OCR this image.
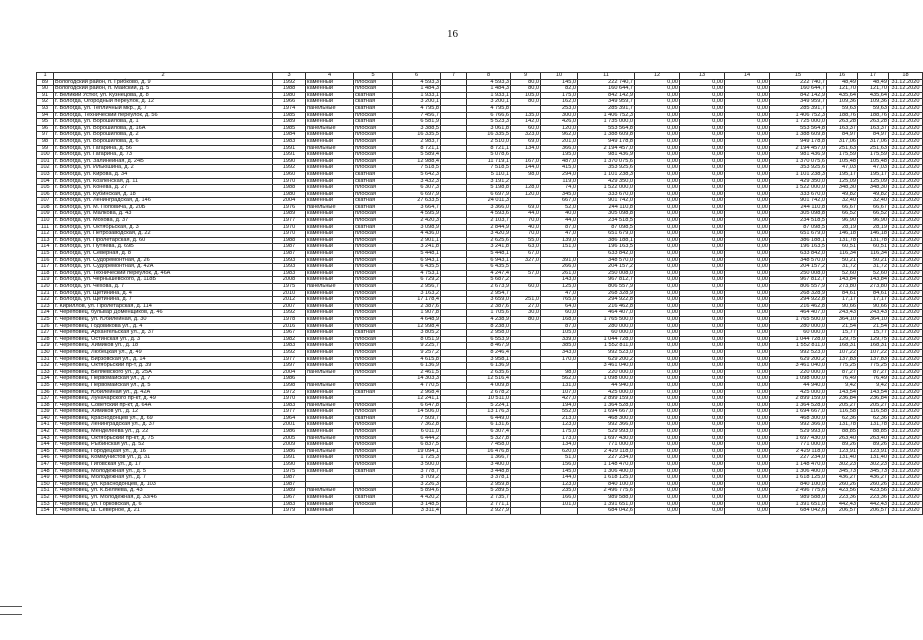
16
1	2	3	4	5	6	7	8	9	10	11	12	13	14	15	16	17	18
89	Вологодский район, п. Грибково, д. 9	1992	каменный	плоская	4 593,3		4 593,3	80,0	145,0	222 740,7	0,00	0,00	0,00	222 740,7	48,49	48,49	31.12.2020
90	Вологодский район, п. Майский, д. 5	1988	каменный	плоская	1 484,3		1 484,3	80,0	82,0	160 644,7	0,00	0,00	0,00	160 644,7	121,70	121,70	31.12.2020
91	г. Великий Устюг, ул. Кузнецова, д. 8	1980	каменный	скатная	1 933,1		1 933,1	105,0	175,0	842 142,9	0,00	0,00	0,00	842 142,9	435,64	435,64	31.12.2020
92	г. Вологда, Огородный переулок, д. 12	1966	каменный	скатная	3 200,1		3 200,1	80,0	162,0	349 959,7	0,00	0,00	0,00	349 959,7	109,36	109,36	31.12.2020
93	г. Вологда, ул. Тепличный мкр., д. 7	1974	панельные	скатная	4 795,8		4 795,8		253,0	285 391,7	0,00	0,00	0,00	285 391,7	59,63	59,63	31.12.2020
94	г. Вологда, Технический переулок, д. 56	1985	каменный	плоская	7 456,7		6 766,6	135,0	300,0	1 406 752,3	0,00	0,00	0,00	1 406 752,3	188,76	188,76	31.12.2020
95	г. Вологда, ул. Ворошилова, д. 1	1989	каменный	скатная	6 581,9		5 523,3	142,0	426,0	1 735 000,0	0,00	0,00	0,00	1 725 000,0	263,28	263,28	31.12.2020
96	г. Вологда, ул. Ворошилова, д. 16А	1985	панельные	плоская	3 388,5		3 061,8	60,0	120,0	553 564,8	0,00	0,00	0,00	553 564,8	163,37	163,37	31.12.2020
97	г. Вологда, ул. Ворошилова, д. 2	1984	каменный	плоская	16 335,5		16 335,5	323,0	962,0	1 388 609,8	0,00	0,00	0,00	1 388 609,8	84,97	84,97	31.12.2020
98	г. Вологда, ул. Ворошилова, д. 6	1983	каменный	плоская	2 983,7		2 510,0	69,0	201,0	949 178,8	0,00	0,00	0,00	949 178,8	317,06	317,06	31.12.2020
99	г. Вологда, ул. Гагарина, д. 56	1991	панельные	плоская	8 721,1		8 721,1	134,0	366,0	2 194 457,0	0,00	0,00	0,00	2 194 457,0	251,63	251,63	31.12.2020
100	г. Вологда, ул. Гагарина, д. 73	1991	каменный	плоская	5 589,4		5 078,6		195,0	981 436,9	0,00	0,00	0,00	981 436,9	175,59	175,59	31.12.2020
101	г. Вологда, ул. Залинейная, д. 24Б	1990	каменный	плоская	12 988,4		11 719,1	167,0	487,0	1 370 075,6	0,00	0,00	0,00	1 370 075,6	105,48	105,48	31.12.2020
102	г. Вологда, ул. Ильюшина, д. 2	1992	каменный	плоская	7 518,5		7 518,5	144,0	415,0	353 925,6	0,00	0,00	0,00	353 925,6	47,03	47,03	31.12.2020
103	г. Вологда, ул. Кирова, д. 34	1960	каменный	скатная	5 642,3		5 110,1	98,0	294,0	1 101 238,3	0,00	0,00	0,00	1 101 238,3	195,17	195,17	31.12.2020
104	г. Вологда, ул. Козленская, д. 11	1970	каменный	скатная	3 432,3		3 191,2		119,0	429 350,0	0,00	0,00	0,00	429 350,0	125,09	125,09	31.12.2020
105	г. Вологда, ул. Конева, д. 27	1988	каменный	плоская	6 307,3		5 198,8	128,0	74,0	1 522 000,0	0,00	0,00	0,00	1 522 000,0	348,30	348,30	31.12.2020
106	г. Вологда, ул. Кубинская, д. 18	1980	каменный	плоская	6 697,9		6 697,9	120,0	345,0	333 670,0	0,00	0,00	0,00	333 670,0	49,82	49,82	31.12.2020
107	г. Вологда, ул. Ленинградская, д. 146	2004	каменный	скатная	27 633,5		24 011,3		667,0	901 742,0	0,00	0,00	0,00	901 742,0	32,40	32,40	31.12.2020
108	г. Вологда, ул. М. Поповича, д. 20Б	1976	панельные	скатная	3 664,7		3 366,0	69,0	52,0	244 110,8	0,00	0,00	0,00	244 110,8	66,67	66,67	31.12.2020
109	г. Вологда, ул. Малкова, д. 43	1989	каменный	плоская	4 595,9		4 593,6	44,0	40,0	305 098,8	0,00	0,00	0,00	305 098,8	66,52	66,52	31.12.2020
110	г. Вологда, ул. Мохова, д. 37	1977	каменный	плоская	2 420,3		2 103,7	70,0	44,0	234 518,5	0,00	0,00	0,00	234 518,5	96,90	96,90	31.12.2020
111	г. Вологда, ул. Октябрьская, д. 3	1970	каменный	скатная	3 098,9		2 844,9	40,0	87,0	87 098,5	0,00	0,00	0,00	87 098,5	28,19	28,19	31.12.2020
112	г. Вологда, ул. Петрозаводская, д. 22	1970	каменный	плоская	4 436,0		3 420,9	70,0	47,0	651 679,0	0,00	0,00	0,00	651 679,0	146,18	146,18	31.12.2020
113	г. Вологда, ул. Пролетарская, д. 60	1988	каменный	плоская	2 901,1		2 625,6	55,0	139,0	386 188,1	0,00	0,00	0,00	386 188,1	131,78	131,78	31.12.2020
114	г. Вологда, ул. Путяева, д. 69Б	1987	каменный	плоская	3 241,8		3 241,8	63,0	151,0	196 163,5	0,00	0,00	0,00	196 163,5	60,51	60,51	31.12.2020
115	г. Вологда, ул. Северная, д. 8	1987	каменный	плоская	5 448,1		5 448,1	67,0		633 842,0	0,00	0,00	0,00	633 842,0	116,34	116,34	31.12.2020
116	г. Вологда, ул. Судоремонтная, д. 26	1993	каменный	плоская	6 943,1		6 943,1	327,0	391,0	348 570,0	0,00	0,00	0,00	348 570,0	50,21	50,21	31.12.2020
117	г. Вологда, ул. Судоремонтная, д. 42А	1993	каменный	плоская	6 435,5		6 435,5		266,0	204 157,2	0,00	0,00	0,00	204 157,2	31,72	31,72	31.12.2020
118	г. Вологда, ул. Технический переулок, д. 46А	1983	каменный	плоская	4 753,1		4 247,4	57,0	261,0	250 008,0	0,00	0,00	0,00	250 008,0	52,60	52,60	31.12.2020
119	г. Вологда, ул. Чернышевского, д. 118Б	2008	каменный	плоская	6 729,2		5 687,2		143,0	967 812,7	0,00	0,00	0,00	967 812,7	143,84	143,84	31.12.2020
120	г. Вологда, ул. Чехова, д. 7	1975	панельные	плоская	2 956,7		2 673,9	60,0	125,0	806 557,9	0,00	0,00	0,00	806 557,9	273,80	273,80	31.12.2020
121	г. Вологда, ул. Щетинина, д. 4	2010	каменный	плоская	3 163,2		2 954,7		47,0	268 328,9	0,00	0,00	0,00	268 328,9	84,61	84,61	31.12.2020
122	г. Вологда, ул. Щетинина, д. 7	2012	каменный	плоская	17 178,4		3 659,0	251,0	765,0	294 922,8	0,00	0,00	0,00	294 922,8	17,17	17,17	31.12.2020
123	г. Кириллов, ул. Пролетарская, д. 114	2007	каменный	плоская	2 387,6		2 387,6	27,0	64,0	216 462,8	0,00	0,00	0,00	216 462,8	90,66	90,66	31.12.2020
124	г. Череповец, бульвар Доменщиков, д. 46	1992	каменный	плоская	1 907,8		1 705,6	30,0	60,0	464 407,0	0,00	0,00	0,00	464 407,0	243,43	243,43	31.12.2020
125	г. Череповец, ул. Юбилейная, д. 30	1978	каменный	плоская	4 648,9		4 238,9	80,0	168,0	1 765 500,0	0,00	0,00	0,00	1 765 500,0	364,10	364,10	31.12.2020
126	г. Череповец, Годовикова ул., д. 4	2016	каменный	плоская	12 998,4		8 238,0		87,0	280 000,0	0,00	0,00	0,00	280 000,0	21,54	21,54	31.12.2020
127	г. Череповец, Архангельская ул., д. 37	1967	каменный	скатная	3 805,2		2 958,0		105,0	60 000,0	0,00	0,00	0,00	60 000,0	15,77	15,77	31.12.2020
128	г. Череповец, Остинская ул., д. 3	1982	каменный	плоская	8 051,9		6 553,9		339,0	1 044 728,0	0,00	0,00	0,00	1 044 728,0	129,75	129,75	31.12.2020
129	г. Череповец, Химиков ул., д. 18	1983	каменный	плоская	9 225,7		8 467,9		385,0	1 552 811,0	0,00	0,00	0,00	1 552 811,0	168,31	168,31	31.12.2020
130	г. Череповец, Любецкая ул., д. 49	1992	каменный	плоская	9 257,2		8 246,4		343,0	992 523,0	0,00	0,00	0,00	992 523,0	107,22	107,22	31.12.2020
131	г. Череповец, Бирзовская ул., д. 14	1977	каменный	плоская	4 615,8		3 958,1		170,0	629 200,2	0,00	0,00	0,00	629 200,2	137,83	137,83	31.12.2020
132	г. Череповец, Октябрьский пр-т, д. 39	1997	каменный	плоская	6 136,9		6 136,9			3 461 040,0	0,00	0,00	0,00	3 461 040,0	775,25	775,25	31.12.2020
133	г. Череповец, Беляевского ул., д. 25А	2004	панельные	плоская	2 461,5		2 635,6		98,0	220 000,0	0,00	0,00	0,00	220 000,0	87,27	87,27	31.12.2020
134	г. Череповец, Первомайская ул., д. 7	1986			14 303,3		12 516,4		562,0	1 098 000,0	0,00	0,00	0,00	1 098 000,0	76,49	76,49	31.12.2020
135	г. Череповец, Первомайская ул., д. 5	1998	панельные	плоская	4 770,5		4 009,8		131,0	44 940,0	0,00	0,00	0,00	44 940,0	9,42	9,42	31.12.2020
136	г. Череповец, Юбилейная ул., д. 42А	1972	каменный	скатная	2 968,4		2 678,2		107,0	425 000,0	0,00	0,00	0,00	425 000,0	143,54	143,54	31.12.2020
137	г. Череповец, Луначарского пр-кт, д. 49	1970	каменный		12 241,1		10 511,0		427,0	2 899 159,0	0,00	0,00	0,00	2 899 159,0	236,84	236,84	31.12.2020
138	г. Череповец, Советский пр-кт, д. 64А	1983	панельные	плоская	6 647,8		5 224,1		194,0	1 364 528,0	0,00	0,00	0,00	1 364 528,0	205,27	205,27	31.12.2020
139	г. Череповец, Химиков ул., д. 12	1977	каменный	плоская	14 506,0		13 176,3		552,0	1 694 667,0	0,00	0,00	0,00	1 694 667,0	116,58	116,58	31.12.2020
140	г. Череповец, Краснодонцев ул., д. 69	1964	каменный	скатная	7 509,7		6 449,0		213,0	468 300,0	0,00	0,00	0,00	468 300,0	62,36	62,36	31.12.2020
141	г. Череповец, Ленинградская ул., д. 37	2001	каменный	плоская	7 362,8		6 131,6		123,0	992 366,0	0,00	0,00	0,00	992 366,0	131,78	131,78	31.12.2020
142	г. Череповец, Менделеева ул., д. 22	1986	каменный	плоская	6 011,0		6 307,4		175,0	529 993,0	0,00	0,00	0,00	529 993,0	88,85	88,85	31.12.2020
143	г. Череповец, Октябрьский пр-кт, д. 75	2005	панельные	плоская	6 444,2		5 327,8		173,0	1 697 430,0	0,00	0,00	0,00	1 697 430,0	263,40	263,40	31.12.2020
144	г. Череповец, Рыбинская ул., д. 52	2009	каменный	плоская	6 837,5		7 458,0		134,0	771 000,0	0,00	0,00	0,00	771 000,0	89,26	89,26	31.12.2020
145	г. Череповец, Городецкая ул., д. 16	1986	панельные	плоская	19 094,1		16 476,8		620,0	2 429 118,0	0,00	0,00	0,00	2 429 118,0	123,91	123,91	31.12.2020
146	г. Череповец, Коммунистов ул., д. 31	1991	каменный	плоская	1 725,3		1 366,7		51,0	227 234,0	0,00	0,00	0,00	227 234,0	131,40	131,40	31.12.2020
147	г. Череповец, Гиговская ул., д. 17	1990	каменный	плоская	3 500,0		3 400,0		156,0	1 148 470,0	0,00	0,00	0,00	1 148 470,0	302,23	302,23	31.12.2020
148	г. Череповец, Молодежная ул., д. 5	1975	каменный	скатная	3 778,7		3 448,8		145,0	1 306 400,0	0,00	0,00	0,00	1 306 400,0	345,73	345,73	31.12.2020
149	г. Череповец, Молодежная ул., д. 7	1987			3 709,2		3 378,1		144,0	1 618 125,0	0,00	0,00	0,00	1 618 125,0	436,27	436,27	31.12.2020
150	г. Череповец, ул. Краснодонцев, д. 103	1987			3 226,3		2 959,8		123,0	840 100,0	0,00	0,00	0,00	840 100,0	260,26	260,26	31.12.2020
151	г. Череповец, ул. К.Беляева, д. 43	1989	панельные	плоская	5 894,6		5 289,5		235,0	2 496 775,6	0,00	0,00	0,00	2 496 775,6	423,56	423,56	31.12.2020
152	г. Череповец, ул. Молодежная, д. 33/46	1967	каменный	скатная	4 420,2		2 735,7		166,0	989 588,0	0,00	0,00	0,00	989 588,0	223,36	223,36	31.12.2020
153	г. Череповец, ул. Горковская, д. 6	1983	каменный	плоская	3 148,5		2 771,1		101,0	1 391 651,0	0,00	0,00	0,00	1 391 651,0	442,43	442,43	31.12.2020
154	г. Череповец, ш. Северное, д. 21	1979	каменный		3 311,4		2 927,9			684 042,6	0,00	0,00	0,00	684 042,6	206,57	206,57	31.12.2020
